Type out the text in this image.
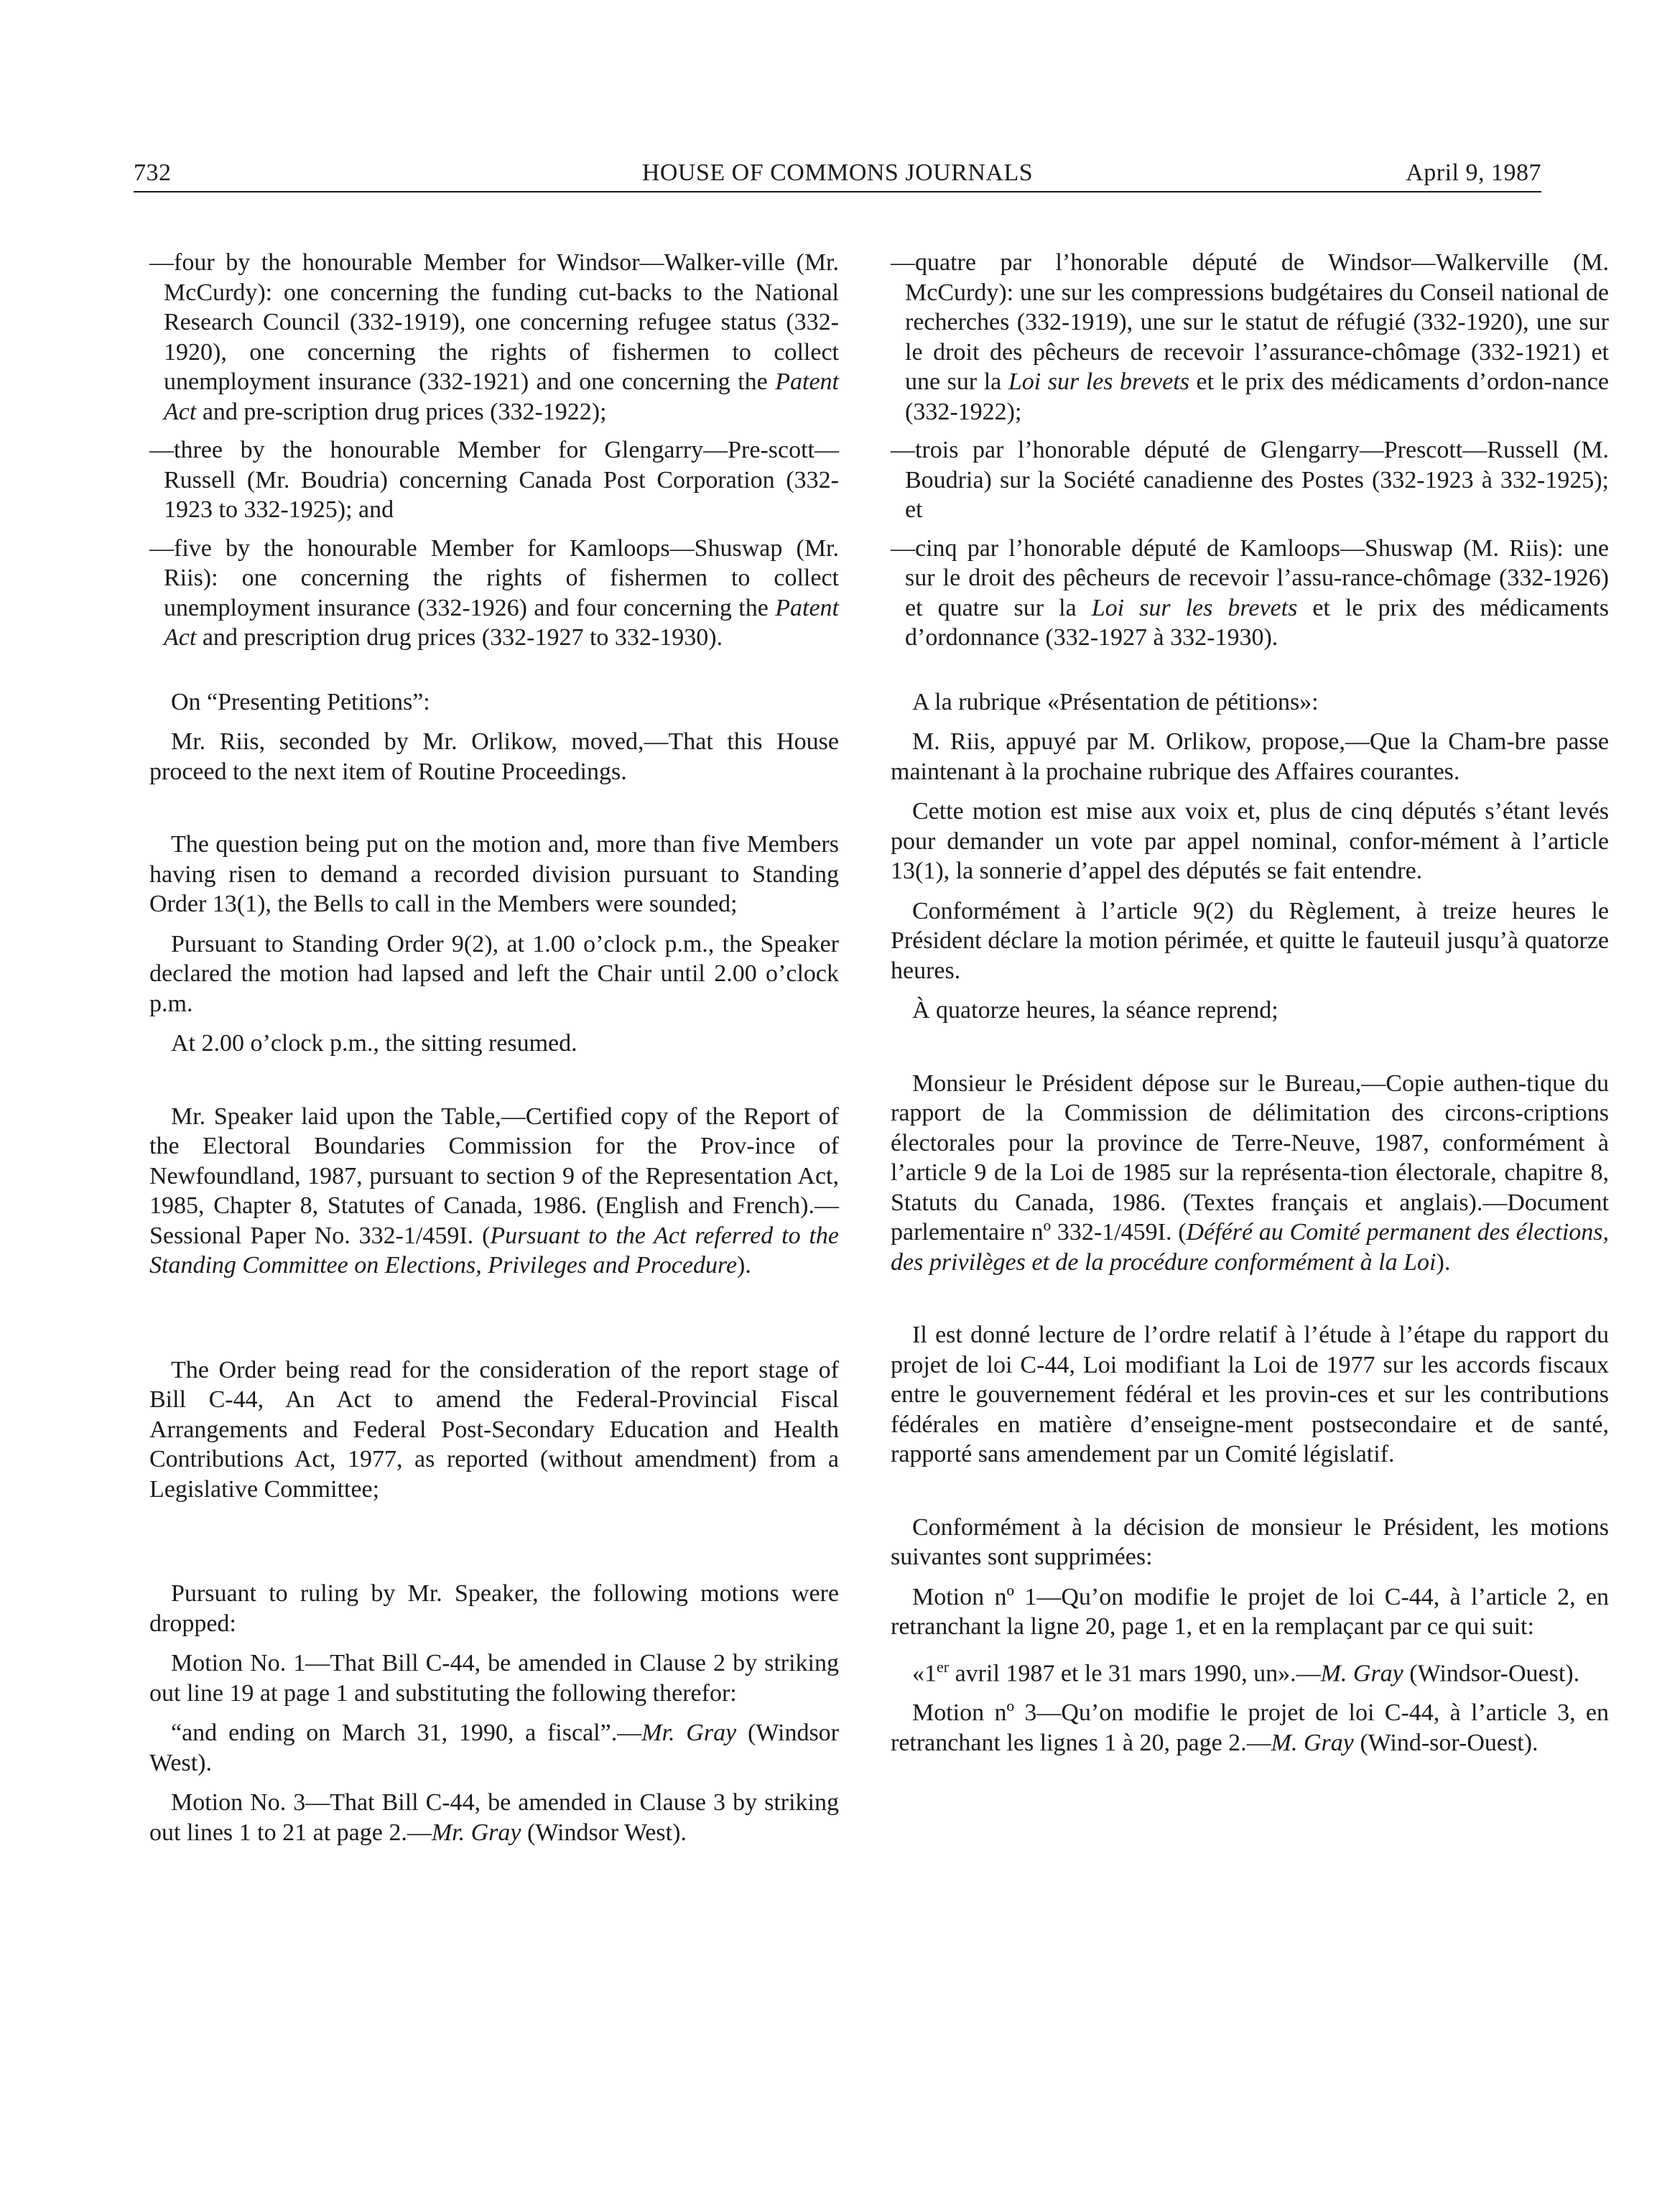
732	HOUSE OF COMMONS JOURNALS	April 9, 1987

—four by the honourable Member for Windsor—Walker-ville (Mr. McCurdy): one concerning the funding cut-backs to the National Research Council (332-1919), one concerning refugee status (332-1920), one concerning the rights of fishermen to collect unemployment insurance (332-1921) and one concerning the Patent Act and pre-scription drug prices (332-1922);

—three by the honourable Member for Glengarry—Pre-scott—Russell (Mr. Boudria) concerning Canada Post Corporation (332-1923 to 332-1925); and

—five by the honourable Member for Kamloops—Shuswap (Mr. Riis): one concerning the rights of fishermen to collect unemployment insurance (332-1926) and four concerning the Patent Act and prescription drug prices (332-1927 to 332-1930).

On “Presenting Petitions”:

Mr. Riis, seconded by Mr. Orlikow, moved,—That this House proceed to the next item of Routine Proceedings.

The question being put on the motion and, more than five Members having risen to demand a recorded division pursuant to Standing Order 13(1), the Bells to call in the Members were sounded;

Pursuant to Standing Order 9(2), at 1.00 o’clock p.m., the Speaker declared the motion had lapsed and left the Chair until 2.00 o’clock p.m.

At 2.00 o’clock p.m., the sitting resumed.

Mr. Speaker laid upon the Table,—Certified copy of the Report of the Electoral Boundaries Commission for the Prov-ince of Newfoundland, 1987, pursuant to section 9 of the Representation Act, 1985, Chapter 8, Statutes of Canada, 1986. (English and French).—Sessional Paper No. 332-1/459I. (Pursuant to the Act referred to the Standing Committee on Elections, Privileges and Procedure).

The Order being read for the consideration of the report stage of Bill C-44, An Act to amend the Federal-Provincial Fiscal Arrangements and Federal Post-Secondary Education and Health Contributions Act, 1977, as reported (without amendment) from a Legislative Committee;

Pursuant to ruling by Mr. Speaker, the following motions were dropped:

Motion No. 1—That Bill C-44, be amended in Clause 2 by striking out line 19 at page 1 and substituting the following therefor:

“and ending on March 31, 1990, a fiscal”.—Mr. Gray (Windsor West).

Motion No. 3—That Bill C-44, be amended in Clause 3 by striking out lines 1 to 21 at page 2.—Mr. Gray (Windsor West).

—quatre par l’honorable député de Windsor—Walkerville (M. McCurdy): une sur les compressions budgétaires du Conseil national de recherches (332-1919), une sur le statut de réfugié (332-1920), une sur le droit des pêcheurs de recevoir l’assurance-chômage (332-1921) et une sur la Loi sur les brevets et le prix des médicaments d’ordon-nance (332-1922);

—trois par l’honorable député de Glengarry—Prescott—Russell (M. Boudria) sur la Société canadienne des Postes (332-1923 à 332-1925); et

—cinq par l’honorable député de Kamloops—Shuswap (M. Riis): une sur le droit des pêcheurs de recevoir l’assu-rance-chômage (332-1926) et quatre sur la Loi sur les brevets et le prix des médicaments d’ordonnance (332-1927 à 332-1930).

A la rubrique «Présentation de pétitions»:

M. Riis, appuyé par M. Orlikow, propose,—Que la Cham-bre passe maintenant à la prochaine rubrique des Affaires courantes.

Cette motion est mise aux voix et, plus de cinq députés s’étant levés pour demander un vote par appel nominal, confor-mément à l’article 13(1), la sonnerie d’appel des députés se fait entendre.

Conformément à l’article 9(2) du Règlement, à treize heures le Président déclare la motion périmée, et quitte le fauteuil jusqu’à quatorze heures.

À quatorze heures, la séance reprend;

Monsieur le Président dépose sur le Bureau,—Copie authen-tique du rapport de la Commission de délimitation des circons-criptions électorales pour la province de Terre-Neuve, 1987, conformément à l’article 9 de la Loi de 1985 sur la représenta-tion électorale, chapitre 8, Statuts du Canada, 1986. (Textes français et anglais).—Document parlementaire nº 332-1/459I. (Déféré au Comité permanent des élections, des privilèges et de la procédure conformément à la Loi).

Il est donné lecture de l’ordre relatif à l’étude à l’étape du rapport du projet de loi C-44, Loi modifiant la Loi de 1977 sur les accords fiscaux entre le gouvernement fédéral et les provin-ces et sur les contributions fédérales en matière d’enseigne-ment postsecondaire et de santé, rapporté sans amendement par un Comité législatif.

Conformément à la décision de monsieur le Président, les motions suivantes sont supprimées:

Motion nº 1—Qu’on modifie le projet de loi C-44, à l’article 2, en retranchant la ligne 20, page 1, et en la remplaçant par ce qui suit:

«1er avril 1987 et le 31 mars 1990, un».—M. Gray (Windsor-Ouest).

Motion nº 3—Qu’on modifie le projet de loi C-44, à l’article 3, en retranchant les lignes 1 à 20, page 2.—M. Gray (Wind-sor-Ouest).
